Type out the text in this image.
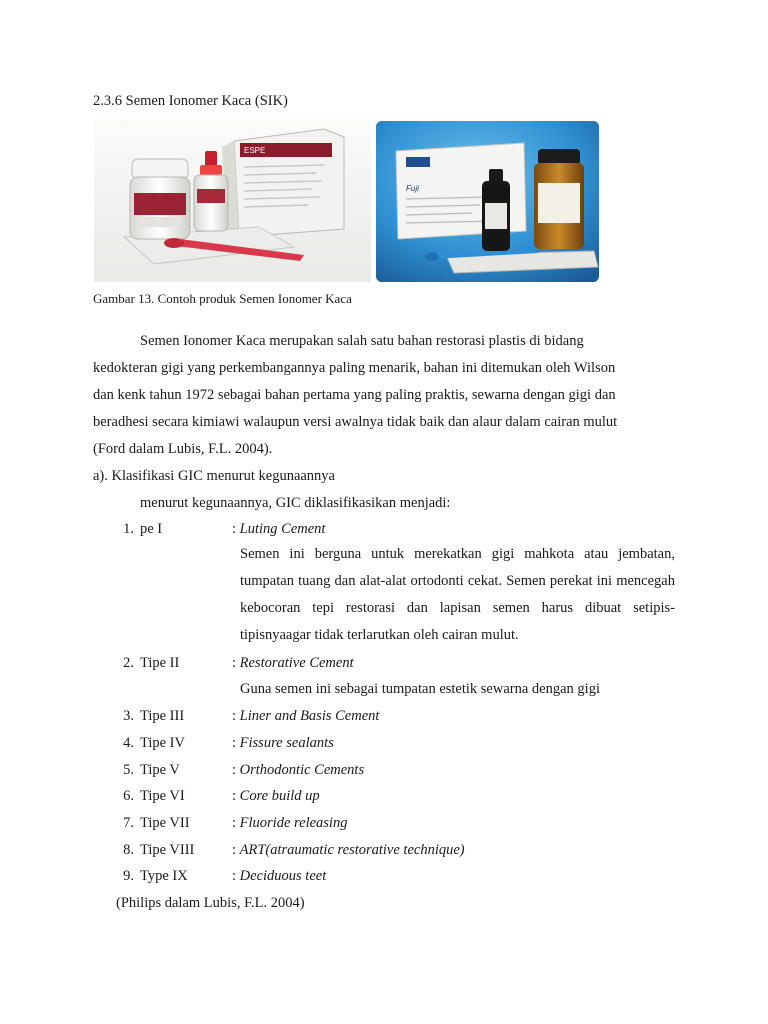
2.3.6 Semen Ionomer Kaca (SIK)
ESPE
Fuji
Gambar 13. Contoh produk Semen Ionomer Kaca
Semen Ionomer Kaca merupakan salah satu bahan restorasi plastis di bidang
kedokteran gigi yang perkembangannya paling menarik, bahan ini ditemukan oleh Wilson
dan kenk tahun 1972 sebagai bahan pertama yang paling praktis, sewarna dengan gigi dan
beradhesi secara kimiawi walaupun versi awalnya tidak baik dan alaur dalam cairan mulut
(Ford dalam Lubis, F.L. 2004).
a). Klasifikasi GIC menurut kegunaannya
menurut kegunaannya, GIC diklasifikasikan menjadi:
1. pe I	: Luting Cement
Semen ini berguna untuk merekatkan gigi mahkota atau jembatan, tumpatan tuang dan alat-alat ortodonti cekat. Semen perekat ini mencegah kebocoran tepi restorasi dan lapisan semen harus dibuat setipis-tipisnyaagar tidak terlarutkan oleh cairan mulut.
2. Tipe II	: Restorative Cement
Guna semen ini sebagai tumpatan estetik sewarna dengan gigi
3. Tipe III	: Liner and Basis Cement
4. Tipe IV	: Fissure sealants
5. Tipe V	: Orthodontic Cements
6. Tipe VI	: Core build up
7. Tipe VII	: Fluoride releasing
8. Tipe VIII	: ART(atraumatic restorative technique)
9. Type IX	: Deciduous teet
(Philips dalam Lubis, F.L. 2004)
